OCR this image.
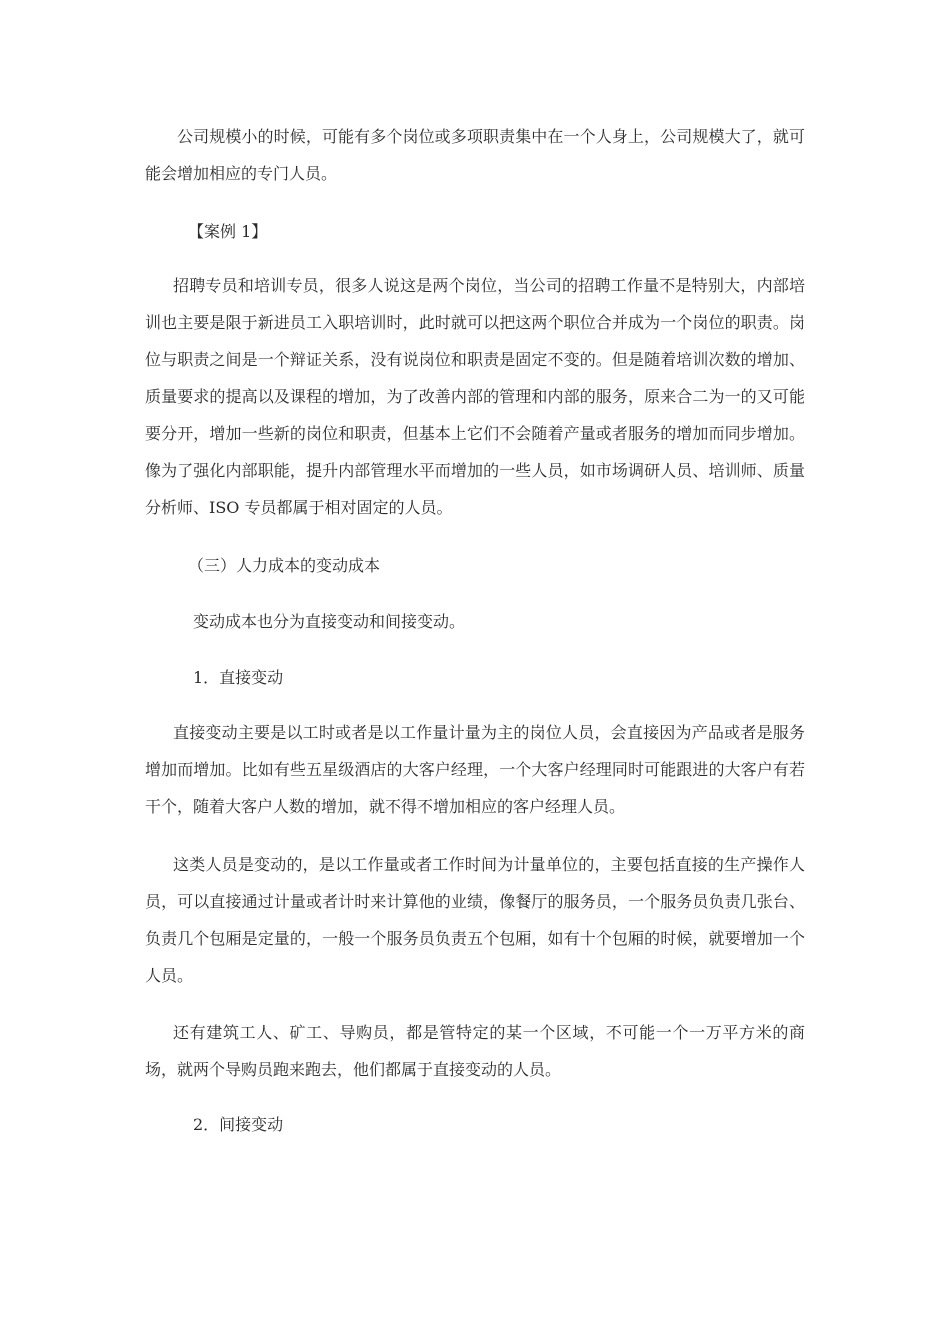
公司规模小的时候，可能有多个岗位或多项职责集中在一个人身上，公司规模大了，就可能会增加相应的专门人员。

【案例 1】

招聘专员和培训专员，很多人说这是两个岗位，当公司的招聘工作量不是特别大，内部培训也主要是限于新进员工入职培训时，此时就可以把这两个职位合并成为一个岗位的职责。岗位与职责之间是一个辩证关系，没有说岗位和职责是固定不变的。但是随着培训次数的增加、质量要求的提高以及课程的增加，为了改善内部的管理和内部的服务，原来合二为一的又可能要分开，增加一些新的岗位和职责，但基本上它们不会随着产量或者服务的增加而同步增加。像为了强化内部职能，提升内部管理水平而增加的一些人员，如市场调研人员、培训师、质量分析师、ISO 专员都属于相对固定的人员。

（三）人力成本的变动成本

变动成本也分为直接变动和间接变动。

1．直接变动

直接变动主要是以工时或者是以工作量计量为主的岗位人员，会直接因为产品或者是服务增加而增加。比如有些五星级酒店的大客户经理，一个大客户经理同时可能跟进的大客户有若干个，随着大客户人数的增加，就不得不增加相应的客户经理人员。

这类人员是变动的，是以工作量或者工作时间为计量单位的，主要包括直接的生产操作人员，可以直接通过计量或者计时来计算他的业绩，像餐厅的服务员，一个服务员负责几张台、负责几个包厢是定量的，一般一个服务员负责五个包厢，如有十个包厢的时候，就要增加一个人员。

还有建筑工人、矿工、导购员，都是管特定的某一个区域，不可能一个一万平方米的商场，就两个导购员跑来跑去，他们都属于直接变动的人员。

2．间接变动
